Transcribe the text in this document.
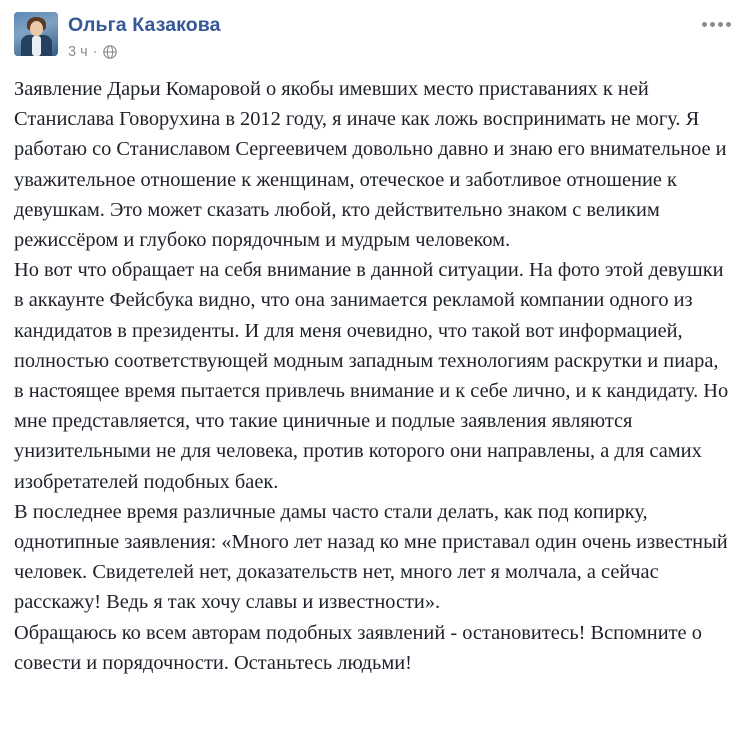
Ольга Казакова
3 ч ·

Заявление Дарьи Комаровой о якобы имевших место приставаниях к ней Станислава Говорухина в 2012 году, я иначе как ложь воспринимать не могу. Я работаю со Станиславом Сергеевичем довольно давно и знаю его внимательное и уважительное отношение к женщинам, отеческое и заботливое отношение к девушкам. Это может сказать любой, кто действительно знаком с великим режиссёром и глубоко порядочным и мудрым человеком.

Но вот что обращает на себя внимание в данной ситуации. На фото этой девушки в аккаунте Фейсбука видно, что она занимается рекламой компании одного из кандидатов в президенты. И для меня очевидно, что такой вот информацией, полностью соответствующей модным западным технологиям раскрутки и пиара, в настоящее время пытается привлечь внимание и к себе лично, и к кандидату. Но мне представляется, что такие циничные и подлые заявления являются унизительными не для человека, против которого они направлены, а для самих изобретателей подобных баек.

В последнее время различные дамы часто стали делать, как под копирку, однотипные заявления: «Много лет назад ко мне приставал один очень известный человек. Свидетелей нет, доказательств нет, много лет я молчала, а сейчас расскажу! Ведь я так хочу славы и известности».

Обращаюсь ко всем авторам подобных заявлений - остановитесь! Вспомните о совести и порядочности. Останьтесь людьми!
